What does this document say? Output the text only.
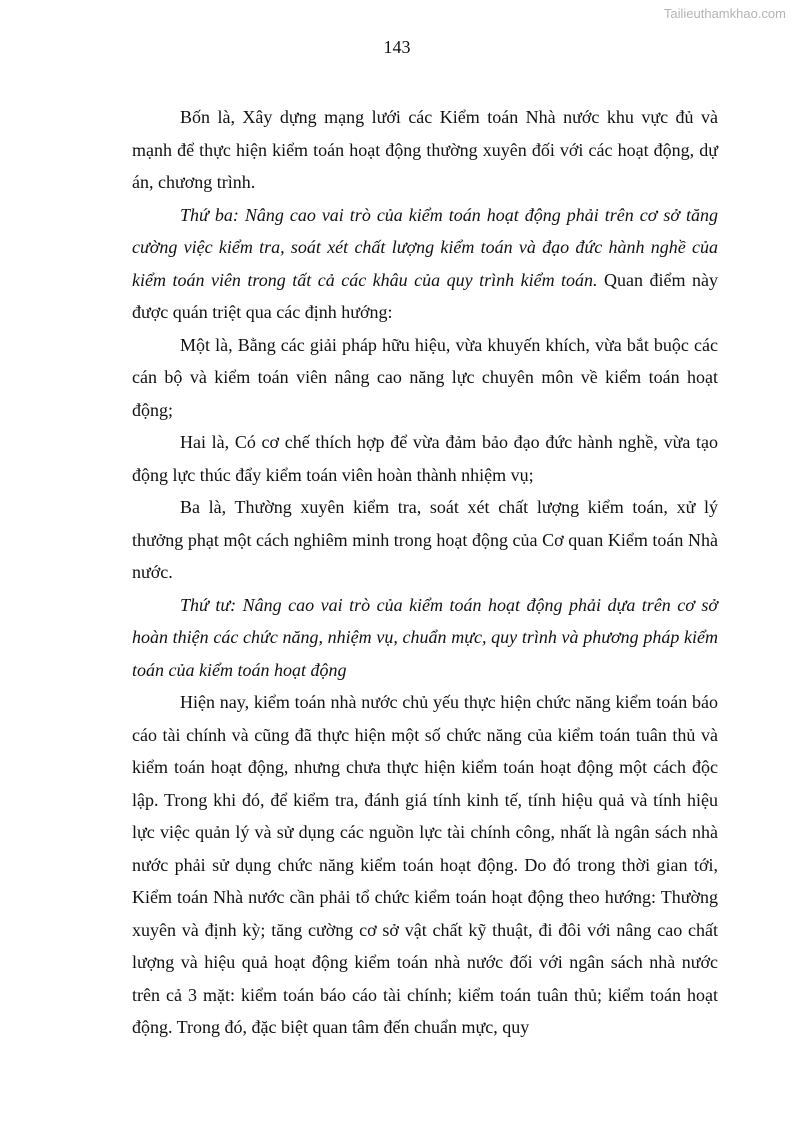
Tailieuthamkhao.com
143

Bốn là, Xây dựng mạng lưới các Kiểm toán Nhà nước khu vực đủ và mạnh để thực hiện kiểm toán hoạt động thường xuyên đối với các hoạt động, dự án, chương trình.

Thứ ba: Nâng cao vai trò của kiểm toán hoạt động phải trên cơ sở tăng cường việc kiểm tra, soát xét chất lượng kiểm toán và đạo đức hành nghề của kiểm toán viên trong tất cả các khâu của quy trình kiểm toán. Quan điểm này được quán triệt qua các định hướng:

Một là, Bằng các giải pháp hữu hiệu, vừa khuyến khích, vừa bắt buộc các cán bộ và kiểm toán viên nâng cao năng lực chuyên môn về kiểm toán hoạt động;

Hai là, Có cơ chế thích hợp để vừa đảm bảo đạo đức hành nghề, vừa tạo động lực thúc đẩy kiểm toán viên hoàn thành nhiệm vụ;

Ba là, Thường xuyên kiểm tra, soát xét chất lượng kiểm toán, xử lý thưởng phạt một cách nghiêm minh trong hoạt động của Cơ quan Kiểm toán Nhà nước.

Thứ tư: Nâng cao vai trò của kiểm toán hoạt động phải dựa trên cơ sở hoàn thiện các chức năng, nhiệm vụ, chuẩn mực, quy trình và phương pháp kiểm toán của kiểm toán hoạt động

Hiện nay, kiểm toán nhà nước chủ yếu thực hiện chức năng kiểm toán báo cáo tài chính và cũng đã thực hiện một số chức năng của kiểm toán tuân thủ và kiểm toán hoạt động, nhưng chưa thực hiện kiểm toán hoạt động một cách độc lập. Trong khi đó, để kiểm tra, đánh giá tính kinh tế, tính hiệu quả và tính hiệu lực việc quản lý và sử dụng các nguồn lực tài chính công, nhất là ngân sách nhà nước phải sử dụng chức năng kiểm toán hoạt động. Do đó trong thời gian tới, Kiểm toán Nhà nước cần phải tổ chức kiểm toán hoạt động theo hướng: Thường xuyên và định kỳ; tăng cường cơ sở vật chất kỹ thuật, đi đôi với nâng cao chất lượng và hiệu quả hoạt động kiểm toán nhà nước đối với ngân sách nhà nước trên cả 3 mặt: kiểm toán báo cáo tài chính; kiểm toán tuân thủ; kiểm toán hoạt động. Trong đó, đặc biệt quan tâm đến chuẩn mực, quy
